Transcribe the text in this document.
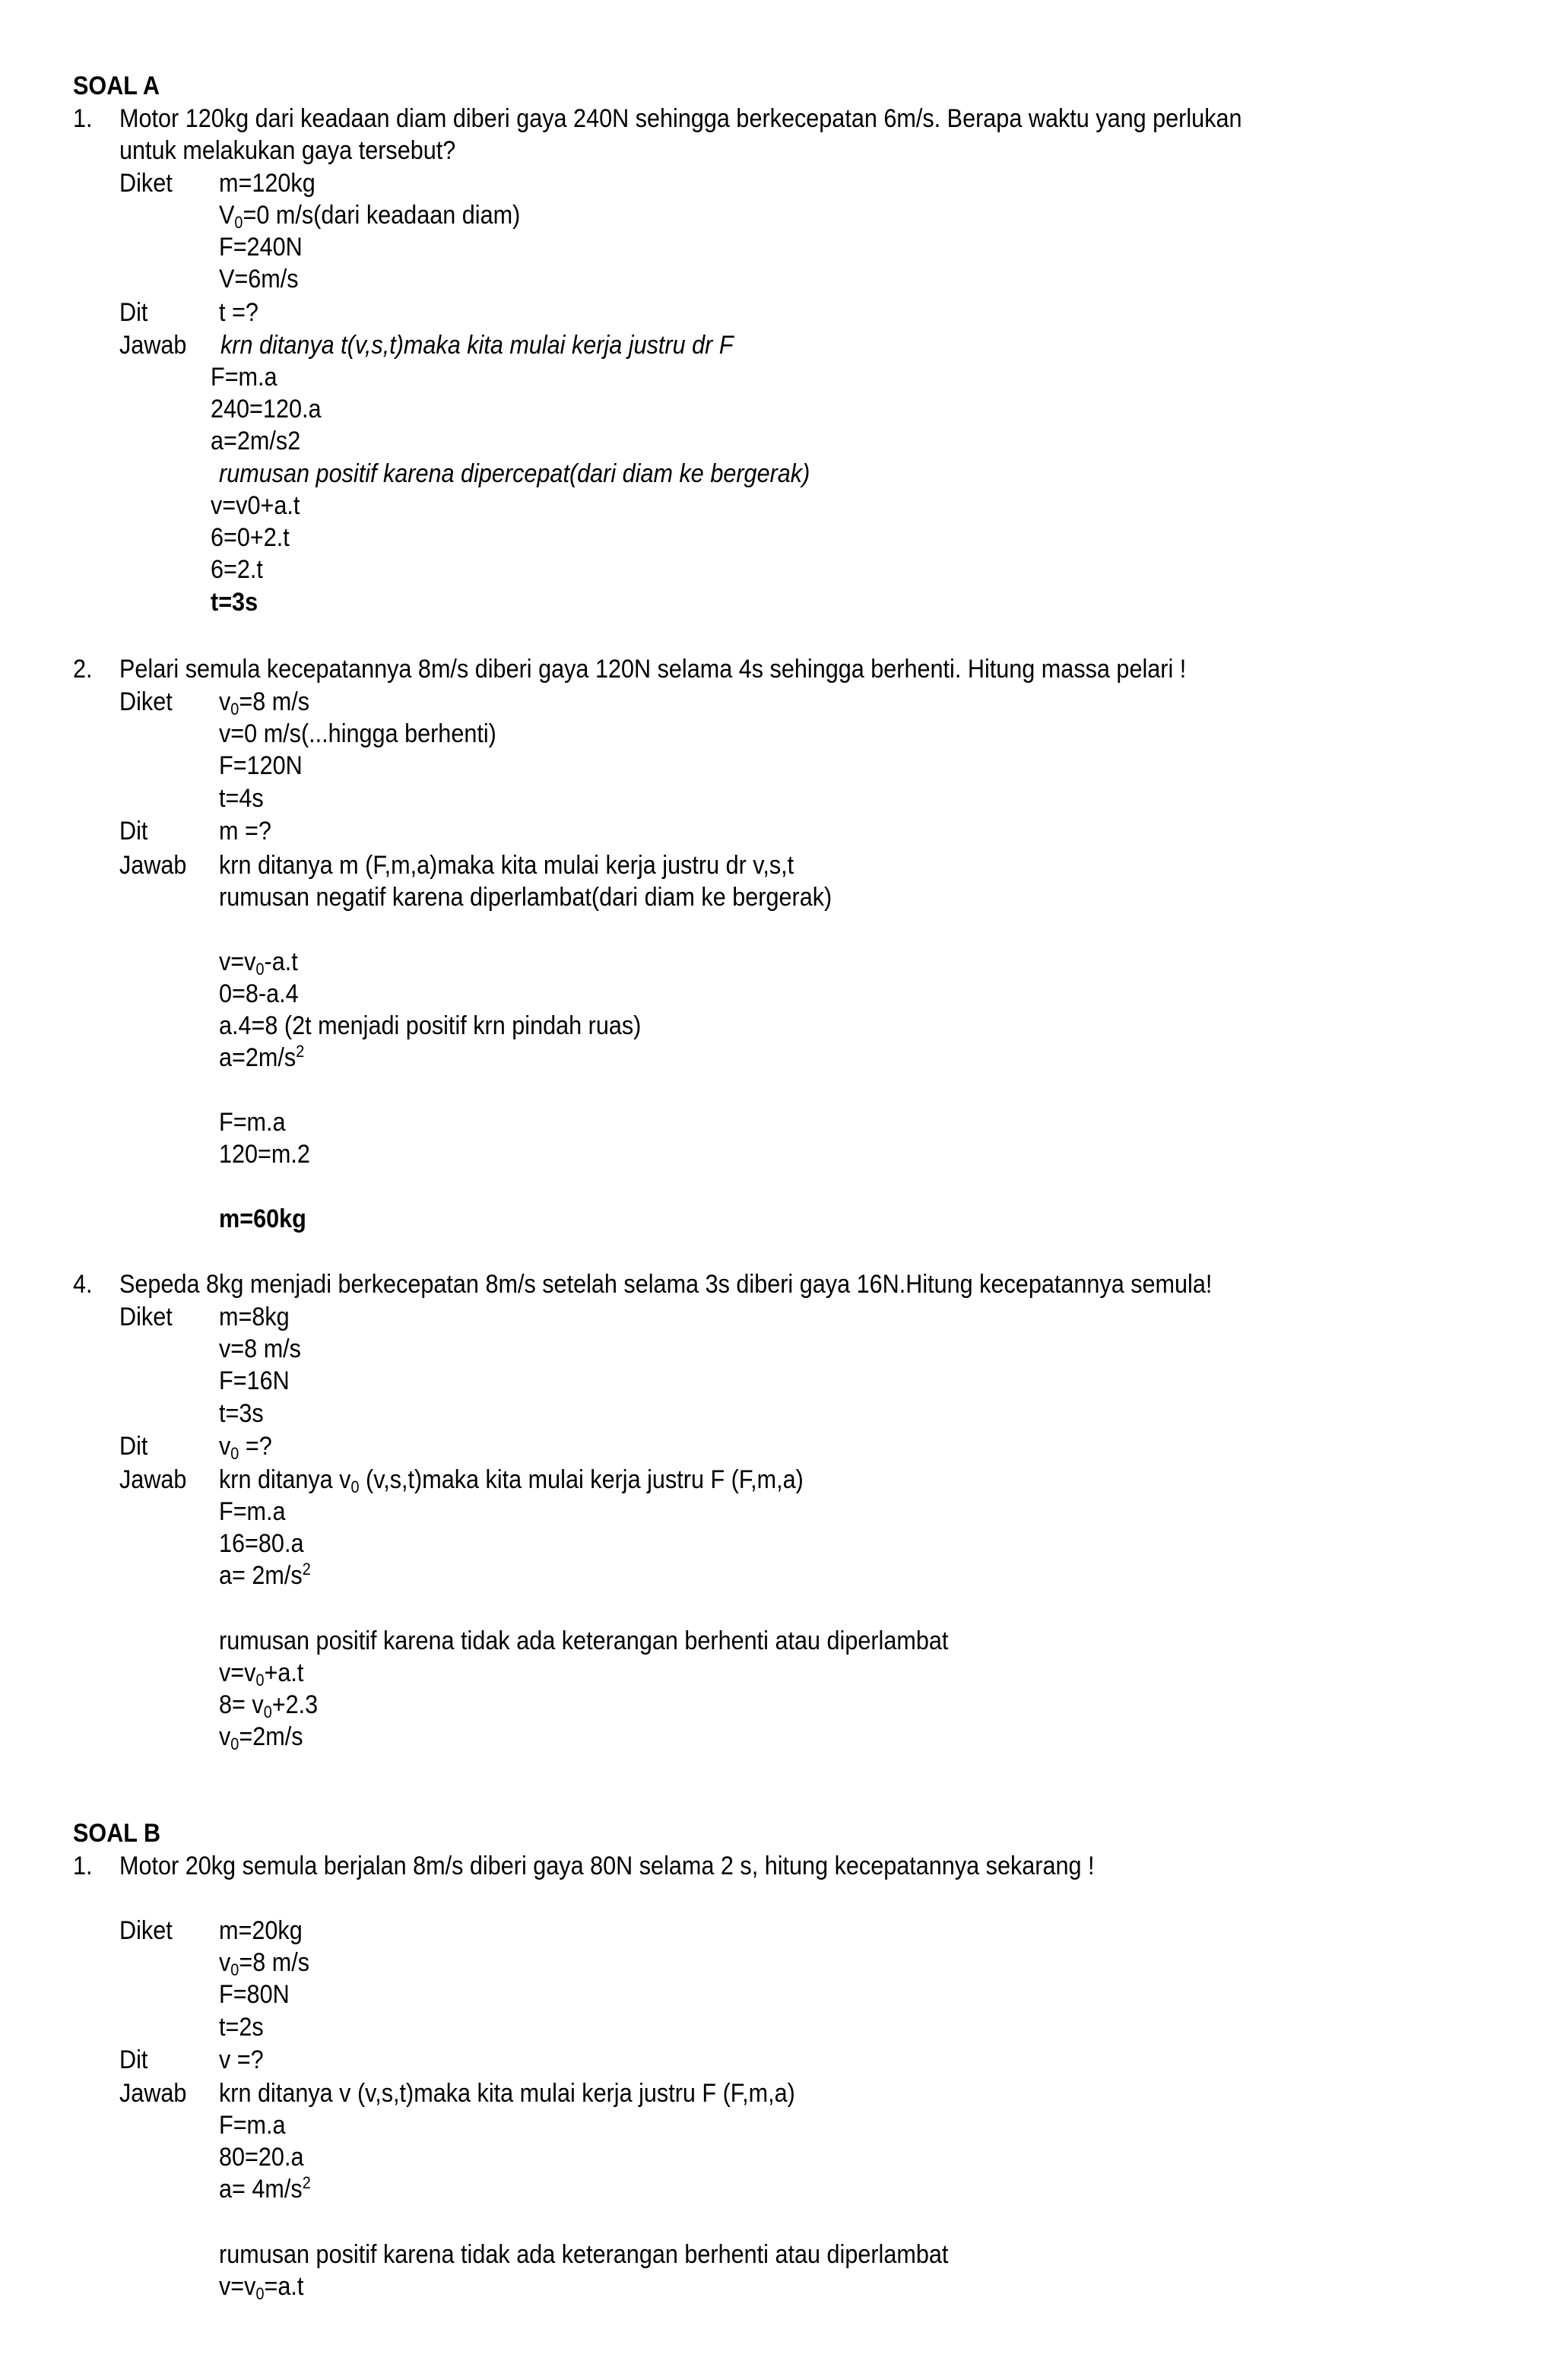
SOAL A
1. Motor 120kg dari keadaan diam diberi gaya 240N sehingga berkecepatan 6m/s. Berapa waktu yang perlukan
untuk melakukan gaya tersebut?
Diket m=120kg
V0=0 m/s(dari keadaan diam)
F=240N
V=6m/s
Dit	t =?
Jawab krn ditanya t(v,s,t)maka kita mulai kerja justru dr F
F=m.a
240=120.a
a=2m/s2
rumusan positif karena dipercepat(dari diam ke bergerak)
v=v0+a.t
6=0+2.t
6=2.t
t=3s
2. Pelari semula kecepatannya 8m/s diberi gaya 120N selama 4s sehingga berhenti. Hitung massa pelari !
Diket v0=8 m/s
v=0 m/s(...hingga berhenti)
F=120N
t=4s
Dit	m =?
Jawab krn ditanya m (F,m,a)maka kita mulai kerja justru dr v,s,t
rumusan negatif karena diperlambat(dari diam ke bergerak)
v=v0-a.t
0=8-a.4
a.4=8 (2t menjadi positif krn pindah ruas)
$a=2m/s^2$
F=m.a
120=m.2
m=60kg
4. Sepeda 8kg menjadi berkecepatan 8m/s setelah selama 3s diberi gaya 16N.Hitung kecepatannya semula!
Diket m=8kg
v=8 m/s
F=16N
t=3s
Dit	v0 =?
Jawab krn ditanya v0 (v,s,t)maka kita mulai kerja justru F (F,m,a)
F=m.a
16=80.a
$a= 2m/s^2$
rumusan positif karena tidak ada keterangan berhenti atau diperlambat
v=v0+a.t
8= v0+2.3
v0=2m/s
SOAL B
1. Motor 20kg semula berjalan 8m/s diberi gaya 80N selama 2 s, hitung kecepatannya sekarang !
Diket m=20kg
v0=8 m/s
F=80N
t=2s
Dit	v =?
Jawab krn ditanya v (v,s,t)maka kita mulai kerja justru F (F,m,a)
F=m.a
80=20.a
$a= 4m/s^2$
rumusan positif karena tidak ada keterangan berhenti atau diperlambat
v=v0=a.t
